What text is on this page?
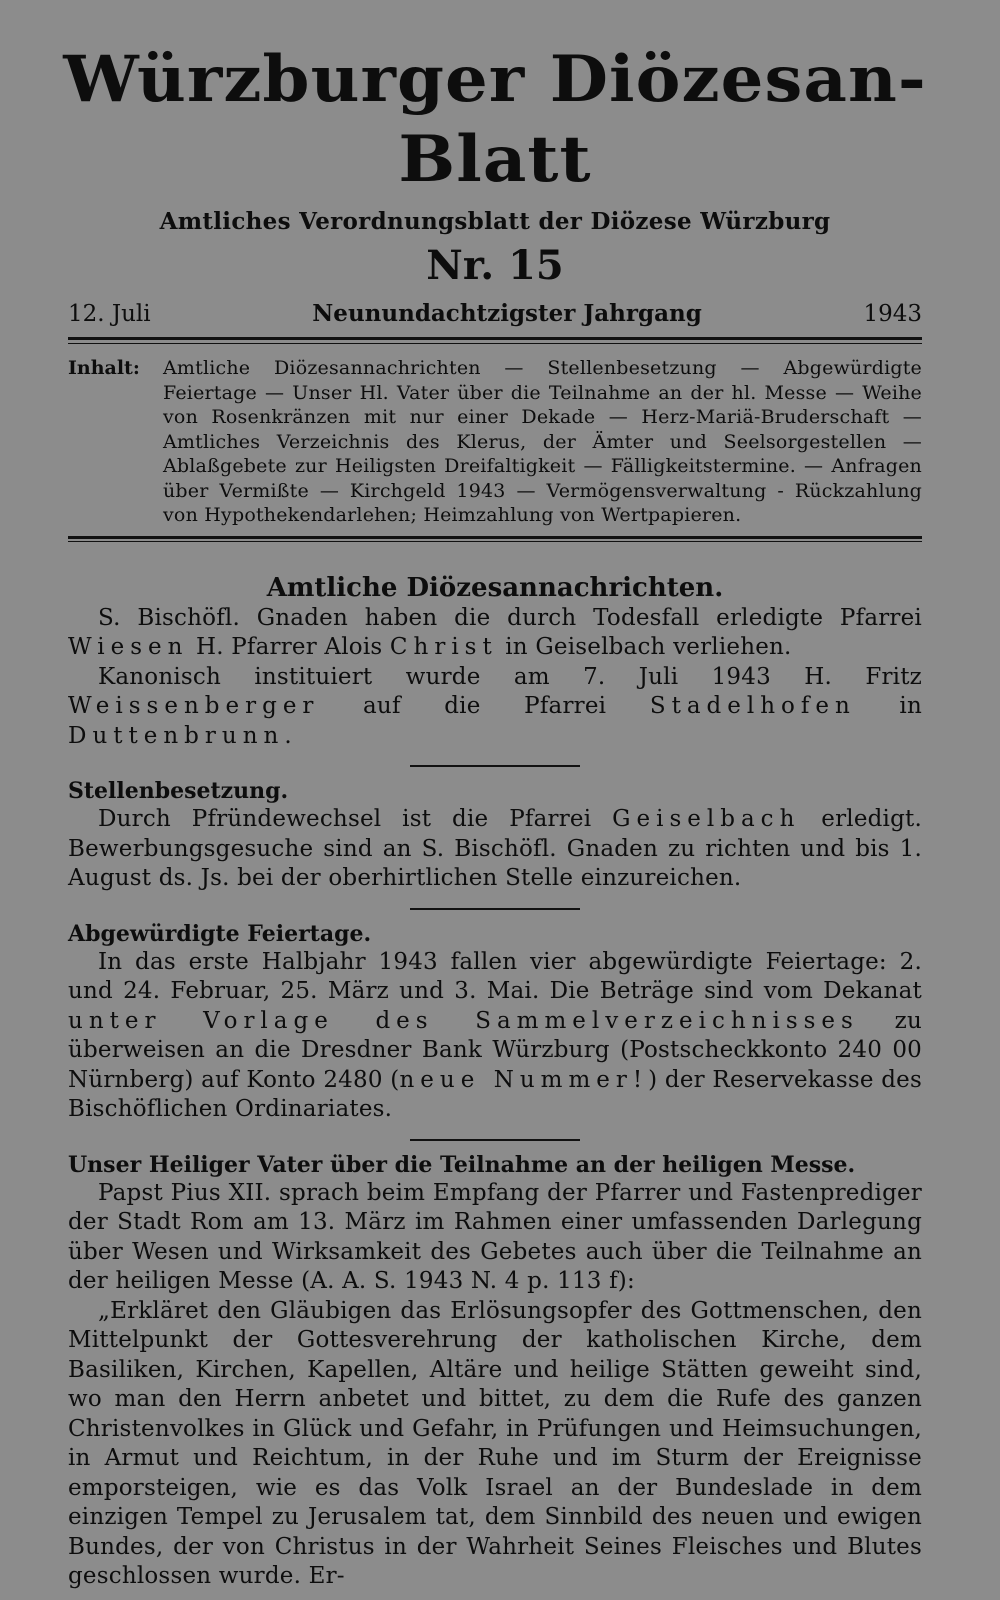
Würzburger Diözesan-Blatt
Amtliches Verordnungsblatt der Diözese Würzburg
Nr. 15
12. Juli	Neunundachtzigster Jahrgang	1943
Inhalt:	Amtliche Diözesannachrichten — Stellenbesetzung — Abgewürdigte Feiertage — Unser Hl. Vater über die Teilnahme an der hl. Messe — Weihe von Rosenkränzen mit nur einer Dekade — Herz-Mariä-Bruderschaft — Amtliches Verzeichnis des Klerus, der Ämter und Seelsorgestellen — Ablaßgebete zur Heiligsten Dreifaltigkeit — Fälligkeitstermine. — Anfragen über Vermißte — Kirchgeld 1943 — Vermögensverwaltung - Rückzahlung von Hypothekendarlehen; Heimzahlung von Wertpapieren.
Amtliche Diözesannachrichten.

S. Bischöfl. Gnaden haben die durch Todesfall erledigte Pfarrei Wiesen H. Pfarrer Alois Christ in Geiselbach verliehen.

Kanonisch instituiert wurde am 7. Juli 1943 H. Fritz Weissenberger auf die Pfarrei Stadelhofen in Duttenbrunn.

Stellenbesetzung.

Durch Pfründewechsel ist die Pfarrei Geiselbach erledigt. Bewerbungsgesuche sind an S. Bischöfl. Gnaden zu richten und bis 1. August ds. Js. bei der oberhirtlichen Stelle einzureichen.

Abgewürdigte Feiertage.

In das erste Halbjahr 1943 fallen vier abgewürdigte Feiertage: 2. und 24. Februar, 25. März und 3. Mai. Die Beträge sind vom Dekanat unter Vorlage des Sammelverzeichnisses zu überweisen an die Dresdner Bank Würzburg (Postscheckkonto 240 00 Nürnberg) auf Konto 2480 (neue Nummer!) der Reservekasse des Bischöflichen Ordinariates.

Unser Heiliger Vater über die Teilnahme an der heiligen Messe.

Papst Pius XII. sprach beim Empfang der Pfarrer und Fastenprediger der Stadt Rom am 13. März im Rahmen einer umfassenden Darlegung über Wesen und Wirksamkeit des Gebetes auch über die Teilnahme an der heiligen Messe (A. A. S. 1943 N. 4 p. 113 f):

„Erkläret den Gläubigen das Erlösungsopfer des Gottmenschen, den Mittelpunkt der Gottesverehrung der katholischen Kirche, dem Basiliken, Kirchen, Kapellen, Altäre und heilige Stätten geweiht sind, wo man den Herrn anbetet und bittet, zu dem die Rufe des ganzen Christenvolkes in Glück und Gefahr, in Prüfungen und Heimsuchungen, in Armut und Reichtum, in der Ruhe und im Sturm der Ereignisse emporsteigen, wie es das Volk Israel an der Bundeslade in dem einzigen Tempel zu Jerusalem tat, dem Sinnbild des neuen und ewigen Bundes, der von Christus in der Wahrheit Seines Fleisches und Blutes geschlossen wurde. Er-
